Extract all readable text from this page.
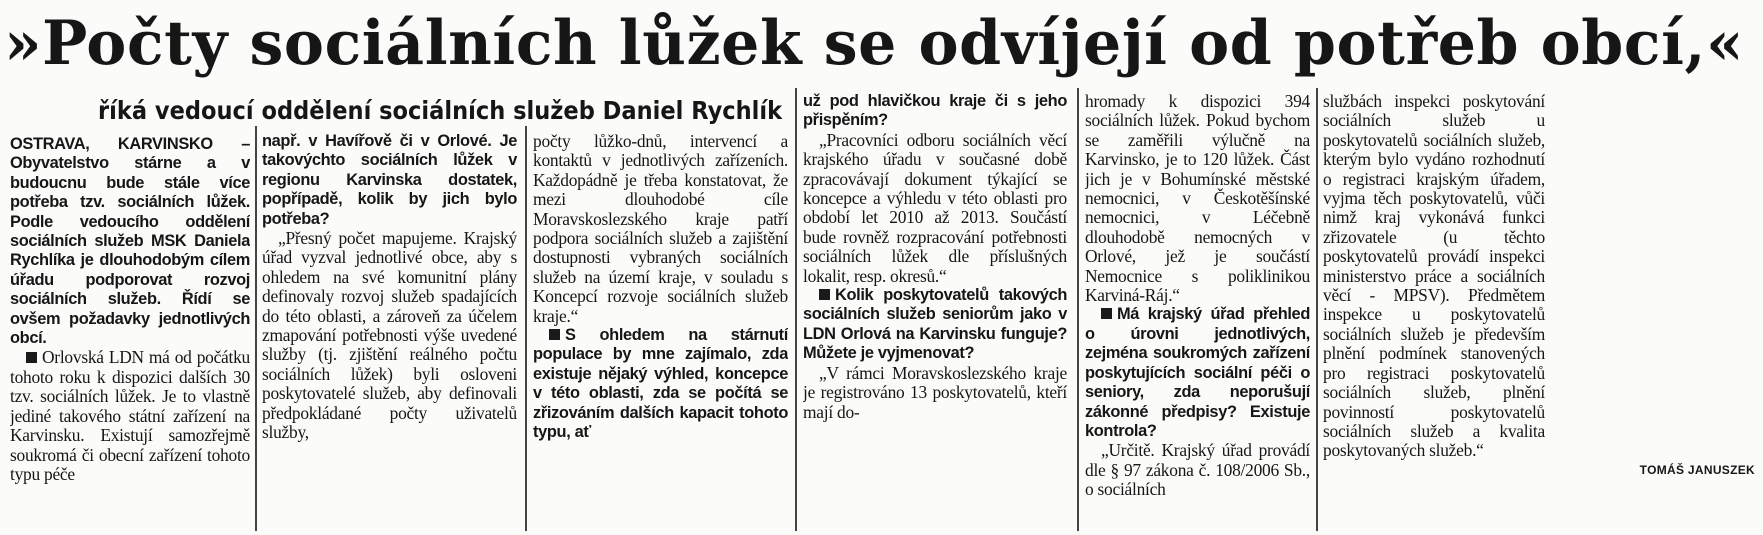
»Počty sociálních lůžek se odvíjejí od potřeb obcí,«
říká vedoucí oddělení sociálních služeb Daniel Rychlík

OSTRAVA, KARVINSKO – Obyvatelstvo stárne a v budoucnu bude stále více potřeba tzv. sociálních lůžek. Podle vedoucího oddělení sociálních služeb MSK Daniela Rychlíka je dlouhodobým cílem úřadu podporovat rozvoj sociálních služeb. Řídí se ovšem požadavky jednotlivých obcí.

Orlovská LDN má od počátku tohoto roku k dispozici dalších 30 tzv. sociálních lůžek. Je to vlastně jediné takového státní zařízení na Karvinsku. Existují samozřejmě soukromá či obecní zařízení tohoto typu péče

např. v Havířově či v Orlové. Je takovýchto sociálních lůžek v regionu Karvinska dostatek, popřípadě, kolik by jich bylo potřeba?

„Přesný počet mapujeme. Krajský úřad vyzval jednotlivé obce, aby s ohledem na své komunitní plány definovaly rozvoj služeb spadajících do této oblasti, a zároveň za účelem zmapování potřebnosti výše uvedené služby (tj. zjištění reálného počtu sociálních lůžek) byli osloveni poskytovatelé služeb, aby definovali předpokládané počty uživatelů služby,

počty lůžko-dnů, intervencí a kontaktů v jednotlivých zařízeních. Každopádně je třeba konstatovat, že mezi dlouhodobé cíle Moravskoslezského kraje patří podpora sociálních služeb a zajištění dostupnosti vybraných sociálních služeb na území kraje, v souladu s Koncepcí rozvoje sociálních služeb kraje.“

S ohledem na stárnutí populace by mne zajímalo, zda existuje nějaký výhled, koncepce v této oblasti, zda se počítá se zřizováním dalších kapacit tohoto typu, ať

už pod hlavičkou kraje či s jeho přispěním?

„Pracovníci odboru sociálních věcí krajského úřadu v současné době zpracovávají dokument týkající se koncepce a výhledu v této oblasti pro období let 2010 až 2013. Součástí bude rovněž rozpracování potřebnosti sociálních lůžek dle příslušných lokalit, resp. okresů.“

Kolik poskytovatelů takových sociálních služeb seniorům jako v LDN Orlová na Karvinsku funguje? Můžete je vyjmenovat?

„V rámci Moravskoslezského kraje je registrováno 13 poskytovatelů, kteří mají do-

hromady k dispozici 394 sociálních lůžek. Pokud bychom se zaměřili výlučně na Karvinsko, je to 120 lůžek. Část jich je v Bohumínské městské nemocnici, v Českotěšínské nemocnici, v Léčebně dlouhodobě nemocných v Orlové, jež je součástí Nemocnice s poliklinikou Karviná-Ráj.“

Má krajský úřad přehled o úrovni jednotlivých, zejména soukromých zařízení poskytujících sociální péči o seniory, zda neporušují zákonné předpisy? Existuje kontrola?

„Určitě. Krajský úřad provádí dle § 97 zákona č. 108/2006 Sb., o sociálních

službách inspekci poskytování sociálních služeb u poskytovatelů sociálních služeb, kterým bylo vydáno rozhodnutí o registraci krajským úřadem, vyjma těch poskytovatelů, vůči nimž kraj vykonává funkci zřizovatele (u těchto poskytovatelů provádí inspekci ministerstvo práce a sociálních věcí - MPSV). Předmětem inspekce u poskytovatelů sociálních služeb je především plnění podmínek stanovených pro registraci poskytovatelů sociálních služeb, plnění povinností poskytovatelů sociálních služeb a kvalita poskytovaných služeb.“

TOMÁŠ JANUSZEK
